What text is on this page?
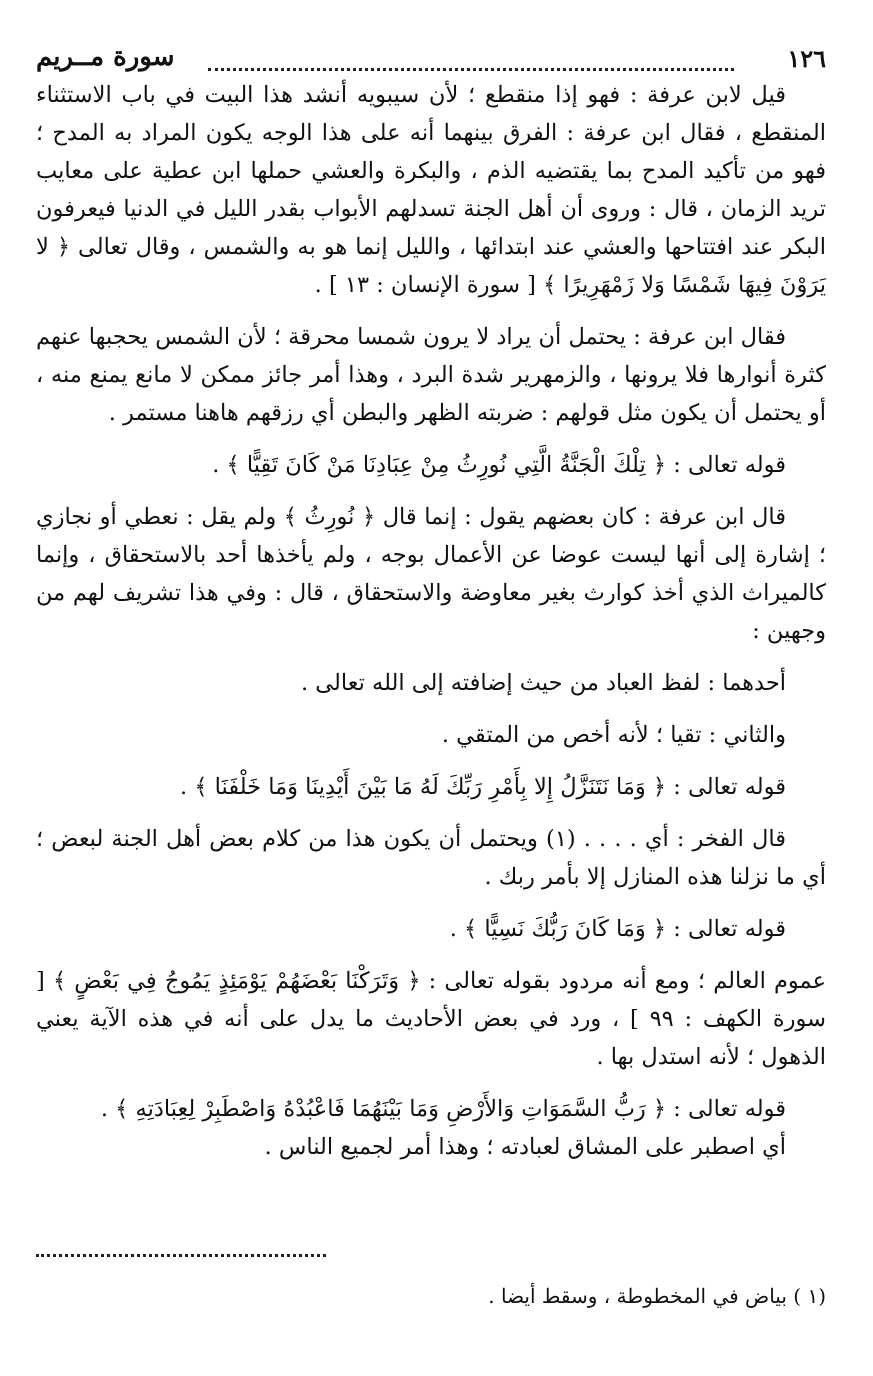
١٢٦
سورة مــريم

قيل لابن عرفة : فهو إذا منقطع ؛ لأن سيبويه أنشد هذا البيت في باب الاستثناء المنقطع ، فقال ابن عرفة : الفرق بينهما أنه على هذا الوجه يكون المراد به المدح ؛ فهو من تأكيد المدح بما يقتضيه الذم ، والبكرة والعشي حملها ابن عطية على معايب تريد الزمان ، قال : وروى أن أهل الجنة تسدلهم الأبواب بقدر الليل في الدنيا فيعرفون البكر عند افتتاحها والعشي عند ابتدائها ، والليل إنما هو به والشمس ، وقال تعالى ﴿ لا يَرَوْنَ فِيهَا شَمْسًا وَلا زَمْهَرِيرًا ﴾ [ سورة الإنسان : ١٣ ] .

فقال ابن عرفة : يحتمل أن يراد لا يرون شمسا محرقة ؛ لأن الشمس يحجبها عنهم كثرة أنوارها فلا يرونها ، والزمهرير شدة البرد ، وهذا أمر جائز ممكن لا مانع يمنع منه ، أو يحتمل أن يكون مثل قولهم : ضربته الظهر والبطن أي رزقهم هاهنا مستمر .

قوله تعالى : ﴿ تِلْكَ الْجَنَّةُ الَّتِي نُورِثُ مِنْ عِبَادِنَا مَنْ كَانَ تَقِيًّا ﴾ .

قال ابن عرفة : كان بعضهم يقول : إنما قال ﴿ نُورِثُ ﴾ ولم يقل : نعطي أو نجازي ؛ إشارة إلى أنها ليست عوضا عن الأعمال بوجه ، ولم يأخذها أحد بالاستحقاق ، وإنما كالميراث الذي أخذ كوارث بغير معاوضة والاستحقاق ، قال : وفي هذا تشريف لهم من وجهين :

أحدهما : لفظ العباد من حيث إضافته إلى الله تعالى .

والثاني : تقيا ؛ لأنه أخص من المتقي .

قوله تعالى : ﴿ وَمَا نَتَنَزَّلُ إِلا بِأَمْرِ رَبِّكَ لَهُ مَا بَيْنَ أَيْدِينَا وَمَا خَلْفَنَا ﴾ .

قال الفخر : أي . . . . (١) ويحتمل أن يكون هذا من كلام بعض أهل الجنة لبعض ؛ أي ما نزلنا هذه المنازل إلا بأمر ربك .

قوله تعالى : ﴿ وَمَا كَانَ رَبُّكَ نَسِيًّا ﴾ .

عموم العالم ؛ ومع أنه مردود بقوله تعالى : ﴿ وَتَرَكْنَا بَعْضَهُمْ يَوْمَئِذٍ يَمُوجُ فِي بَعْضٍ ﴾ [ سورة الكهف : ٩٩ ] ، ورد في بعض الأحاديث ما يدل على أنه في هذه الآية يعني الذهول ؛ لأنه استدل بها .

قوله تعالى : ﴿ رَبُّ السَّمَوَاتِ وَالأَرْضِ وَمَا بَيْنَهُمَا فَاعْبُدْهُ وَاصْطَبِرْ لِعِبَادَتِهِ ﴾ .

أي اصطبر على المشاق لعبادته ؛ وهذا أمر لجميع الناس .

(١ ) بياض في المخطوطة ، وسقط أيضا .
